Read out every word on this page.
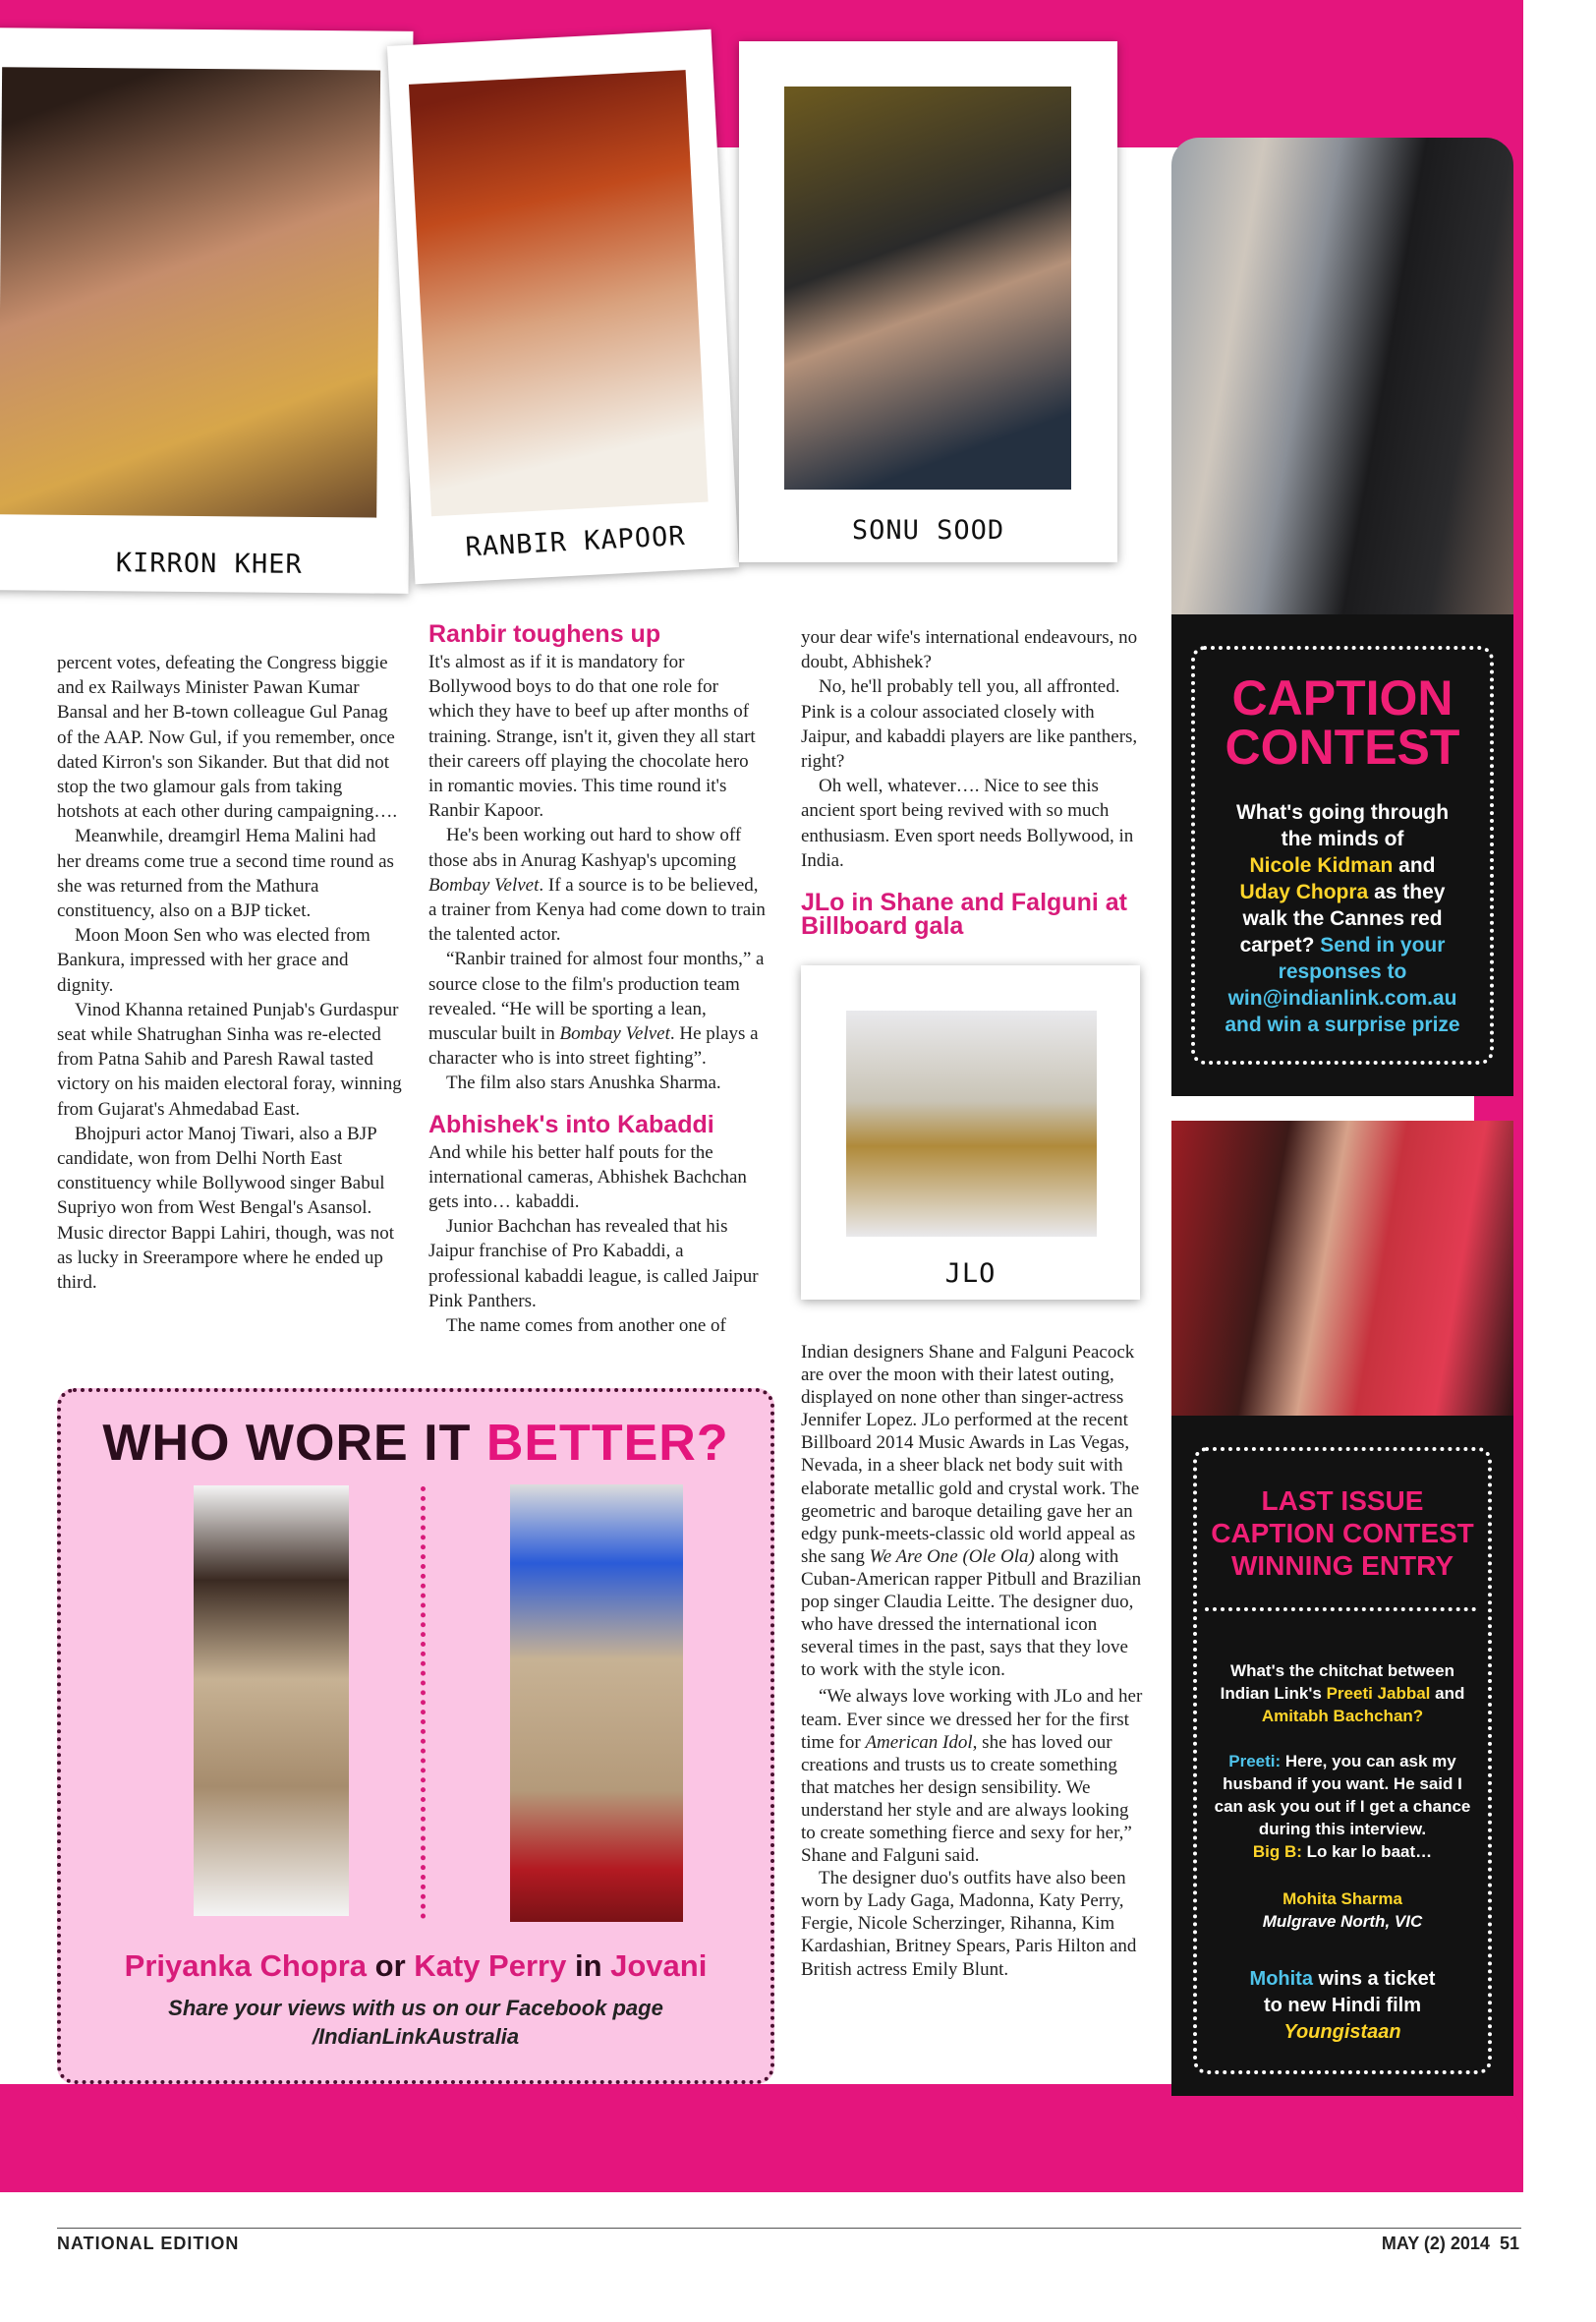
KIRRON KHER
RANBIR KAPOOR	SONU SOOD
CAPTION
CONTEST
What's going through
the minds of
Nicole Kidman and
Uday Chopra as they
walk the Cannes red
carpet? Send in your
responses to
win@indianlink.com.au
and win a surprise prize
LAST ISSUE
CAPTION CONTEST
WINNING ENTRY
What's the chitchat between
Indian Link's Preeti Jabbal and
Amitabh Bachchan?
Preeti: Here, you can ask my
husband if you want. He said I
can ask you out if I get a chance
during this interview.
Big B: Lo kar lo baat…
Mohita Sharma
Mulgrave North, VIC
Mohita wins a ticket
to new Hindi film
Youngistaan

percent votes, defeating the Congress biggie and ex Railways Minister Pawan Kumar Bansal and her B-town colleague Gul Panag of the AAP. Now Gul, if you remember, once dated Kirron's son Sikander. But that did not stop the two glamour gals from taking hotshots at each other during campaigning….

Meanwhile, dreamgirl Hema Malini had her dreams come true a second time round as she was returned from the Mathura constituency, also on a BJP ticket.

Moon Moon Sen who was elected from Bankura, impressed with her grace and dignity.

Vinod Khanna retained Punjab's Gurdaspur seat while Shatrughan Sinha was re-elected from Patna Sahib and Paresh Rawal tasted victory on his maiden electoral foray, winning from Gujarat's Ahmedabad East.

Bhojpuri actor Manoj Tiwari, also a BJP candidate, won from Delhi North East constituency while Bollywood singer Babul Supriyo won from West Bengal's Asansol. Music director Bappi Lahiri, though, was not as lucky in Sreerampore where he ended up third.

Ranbir toughens up

It's almost as if it is mandatory for Bollywood boys to do that one role for which they have to beef up after months of training. Strange, isn't it, given they all start their careers off playing the chocolate hero in romantic movies. This time round it's Ranbir Kapoor.

He's been working out hard to show off those abs in Anurag Kashyap's upcoming Bombay Velvet. If a source is to be believed, a trainer from Kenya had come down to train the talented actor.

“Ranbir trained for almost four months,” a source close to the film's production team revealed. “He will be sporting a lean, muscular built in Bombay Velvet. He plays a character who is into street fighting”.

The film also stars Anushka Sharma.

Abhishek's into Kabaddi

And while his better half pouts for the international cameras, Abhishek Bachchan gets into… kabaddi.

Junior Bachchan has revealed that his Jaipur franchise of Pro Kabaddi, a professional kabaddi league, is called Jaipur Pink Panthers.

The name comes from another one of

your dear wife's international endeavours, no doubt, Abhishek?

No, he'll probably tell you, all affronted. Pink is a colour associated closely with Jaipur, and kabaddi players are like panthers, right?

Oh well, whatever…. Nice to see this ancient sport being revived with so much enthusiasm. Even sport needs Bollywood, in India.

JLo in Shane and Falguni at Billboard gala
JLO

Indian designers Shane and Falguni Peacock are over the moon with their latest outing, displayed on none other than singer-actress Jennifer Lopez. JLo performed at the recent Billboard 2014 Music Awards in Las Vegas, Nevada, in a sheer black net body suit with elaborate metallic gold and crystal work. The geometric and baroque detailing gave her an edgy punk-meets-classic old world appeal as she sang We Are One (Ole Ola) along with Cuban-American rapper Pitbull and Brazilian pop singer Claudia Leitte. The designer duo, who have dressed the international icon several times in the past, says that they love to work with the style icon.

“We always love working with JLo and her team. Ever since we dressed her for the first time for American Idol, she has loved our creations and trusts us to create something that matches her design sensibility. We understand her style and are always looking to create something fierce and sexy for her,” Shane and Falguni said.

The designer duo's outfits have also been worn by Lady Gaga, Madonna, Katy Perry, Fergie, Nicole Scherzinger, Rihanna, Kim Kardashian, Britney Spears, Paris Hilton and British actress Emily Blunt.

WHO WORE IT BETTER?
Priyanka Chopra or Katy Perry in Jovani
Share your views with us on our Facebook page
/IndianLinkAustralia
NATIONAL EDITION	MAY (2) 2014 51
